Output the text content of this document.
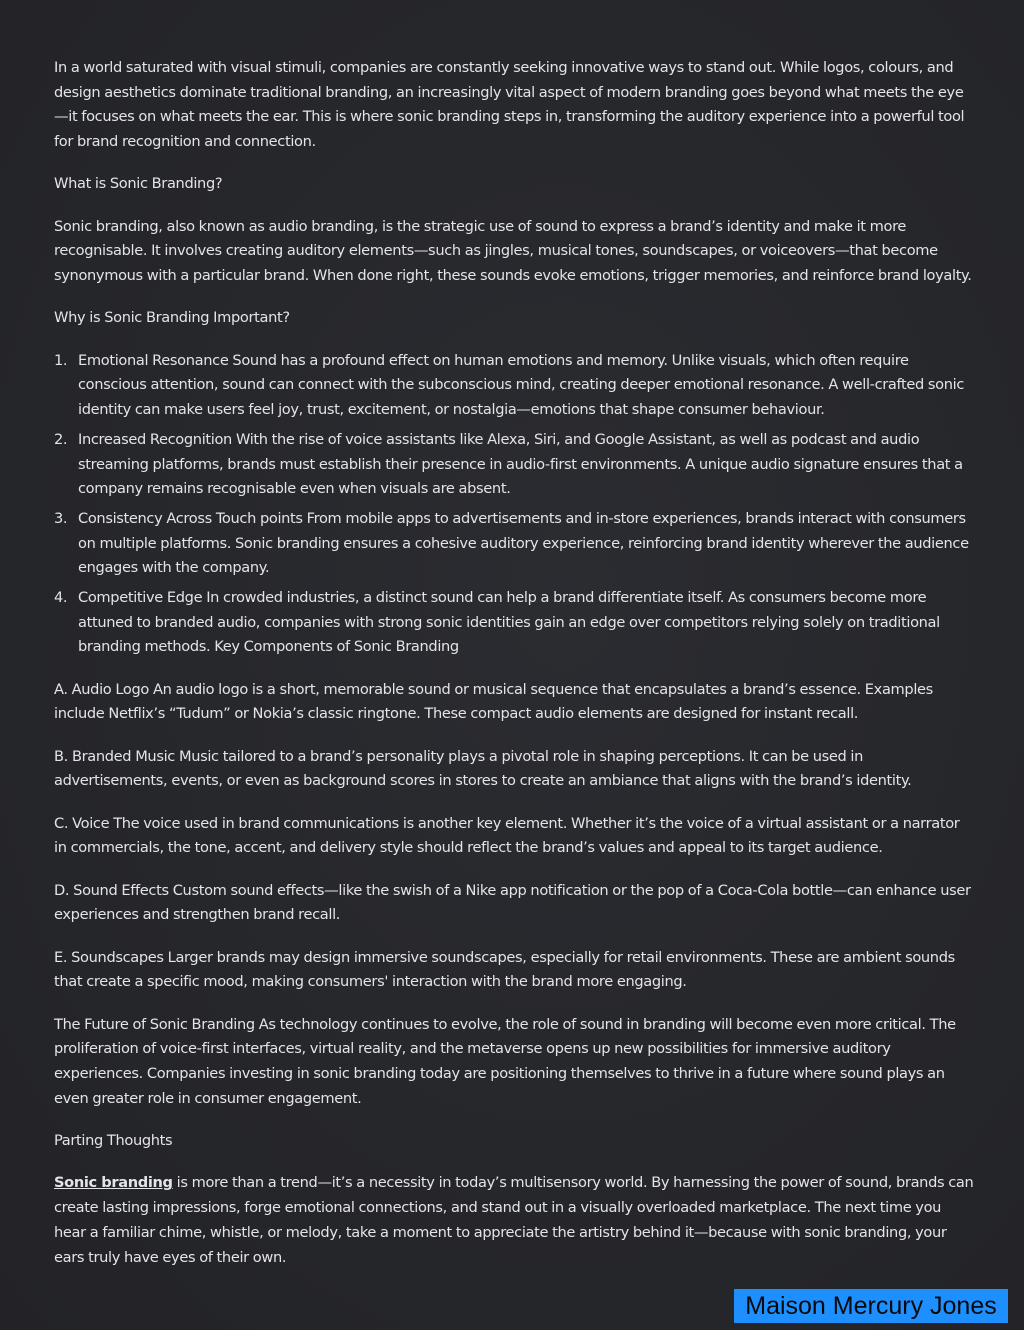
In a world saturated with visual stimuli, companies are constantly seeking innovative ways to stand out. While logos, colours, and design aesthetics dominate traditional branding, an increasingly vital aspect of modern branding goes beyond what meets the eye—it focuses on what meets the ear. This is where sonic branding steps in, transforming the auditory experience into a powerful tool for brand recognition and connection.

What is Sonic Branding?

Sonic branding, also known as audio branding, is the strategic use of sound to express a brand’s identity and make it more recognisable. It involves creating auditory elements—such as jingles, musical tones, soundscapes, or voiceovers—that become synonymous with a particular brand. When done right, these sounds evoke emotions, trigger memories, and reinforce brand loyalty.

Why is Sonic Branding Important?

1. Emotional Resonance Sound has a profound effect on human emotions and memory. Unlike visuals, which often require conscious attention, sound can connect with the subconscious mind, creating deeper emotional resonance. A well-crafted sonic identity can make users feel joy, trust, excitement, or nostalgia—emotions that shape consumer behaviour.
2. Increased Recognition With the rise of voice assistants like Alexa, Siri, and Google Assistant, as well as podcast and audio streaming platforms, brands must establish their presence in audio-first environments. A unique audio signature ensures that a company remains recognisable even when visuals are absent.
3. Consistency Across Touch points From mobile apps to advertisements and in-store experiences, brands interact with consumers on multiple platforms. Sonic branding ensures a cohesive auditory experience, reinforcing brand identity wherever the audience engages with the company.
4. Competitive Edge In crowded industries, a distinct sound can help a brand differentiate itself. As consumers become more attuned to branded audio, companies with strong sonic identities gain an edge over competitors relying solely on traditional branding methods. Key Components of Sonic Branding

A. Audio Logo An audio logo is a short, memorable sound or musical sequence that encapsulates a brand’s essence. Examples include Netflix’s “Tudum” or Nokia’s classic ringtone. These compact audio elements are designed for instant recall.

B. Branded Music Music tailored to a brand’s personality plays a pivotal role in shaping perceptions. It can be used in advertisements, events, or even as background scores in stores to create an ambiance that aligns with the brand’s identity.

C. Voice The voice used in brand communications is another key element. Whether it’s the voice of a virtual assistant or a narrator in commercials, the tone, accent, and delivery style should reflect the brand’s values and appeal to its target audience.

D. Sound Effects Custom sound effects—like the swish of a Nike app notification or the pop of a Coca-Cola bottle—can enhance user experiences and strengthen brand recall.

E. Soundscapes Larger brands may design immersive soundscapes, especially for retail environments. These are ambient sounds that create a specific mood, making consumers' interaction with the brand more engaging.

The Future of Sonic Branding As technology continues to evolve, the role of sound in branding will become even more critical. The proliferation of voice-first interfaces, virtual reality, and the metaverse opens up new possibilities for immersive auditory experiences. Companies investing in sonic branding today are positioning themselves to thrive in a future where sound plays an even greater role in consumer engagement.

Parting Thoughts

Sonic branding is more than a trend—it’s a necessity in today’s multisensory world. By harnessing the power of sound, brands can create lasting impressions, forge emotional connections, and stand out in a visually overloaded marketplace. The next time you hear a familiar chime, whistle, or melody, take a moment to appreciate the artistry behind it—because with sonic branding, your ears truly have eyes of their own.

Maison Mercury Jones
